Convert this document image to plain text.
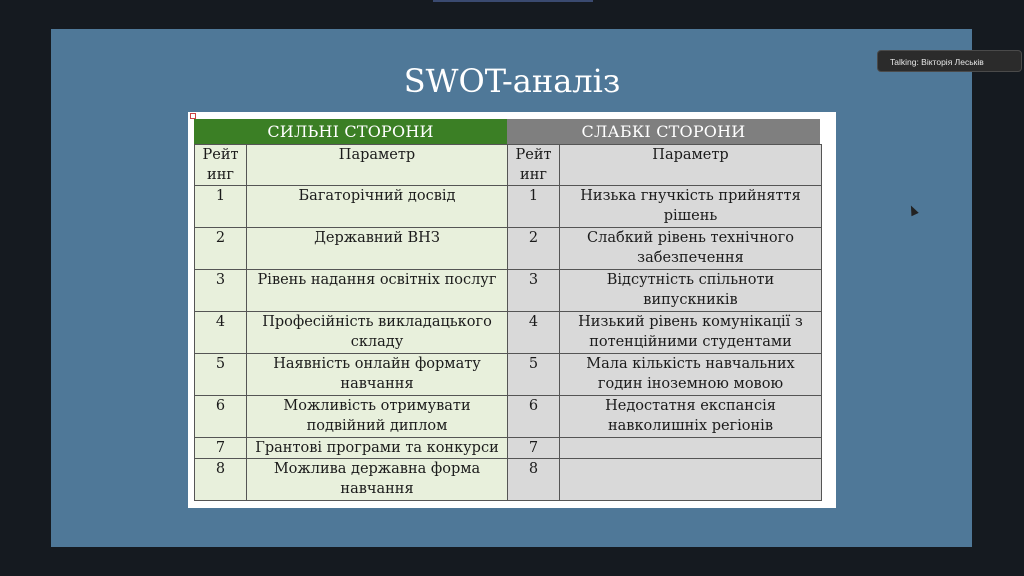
SWOT-аналіз
СИЛЬНІ СТОРОНИ	СЛАБКІ СТОРОНИ
Рейт инг	Параметр	Рейт инг	Параметр
1	Багаторічний досвід	1	Низька гнучкість прийняття рішень
2	Державний ВНЗ	2	Слабкий рівень технічного забезпечення
3	Рівень надання освітніх послуг	3	Відсутність спільноти випускників
4	Професійність викладацького складу	4	Низький рівень комунікації з потенційними студентами
5	Наявність онлайн формату навчання	5	Мала кількість навчальних годин іноземною мовою
6	Можливість отримувати подвійний диплом	6	Недостатня експансія навколишніх регіонів
7	Грантові програми та конкурси	7	
8	Можлива державна форма навчання	8	
Talking: Вікторія Леськів
